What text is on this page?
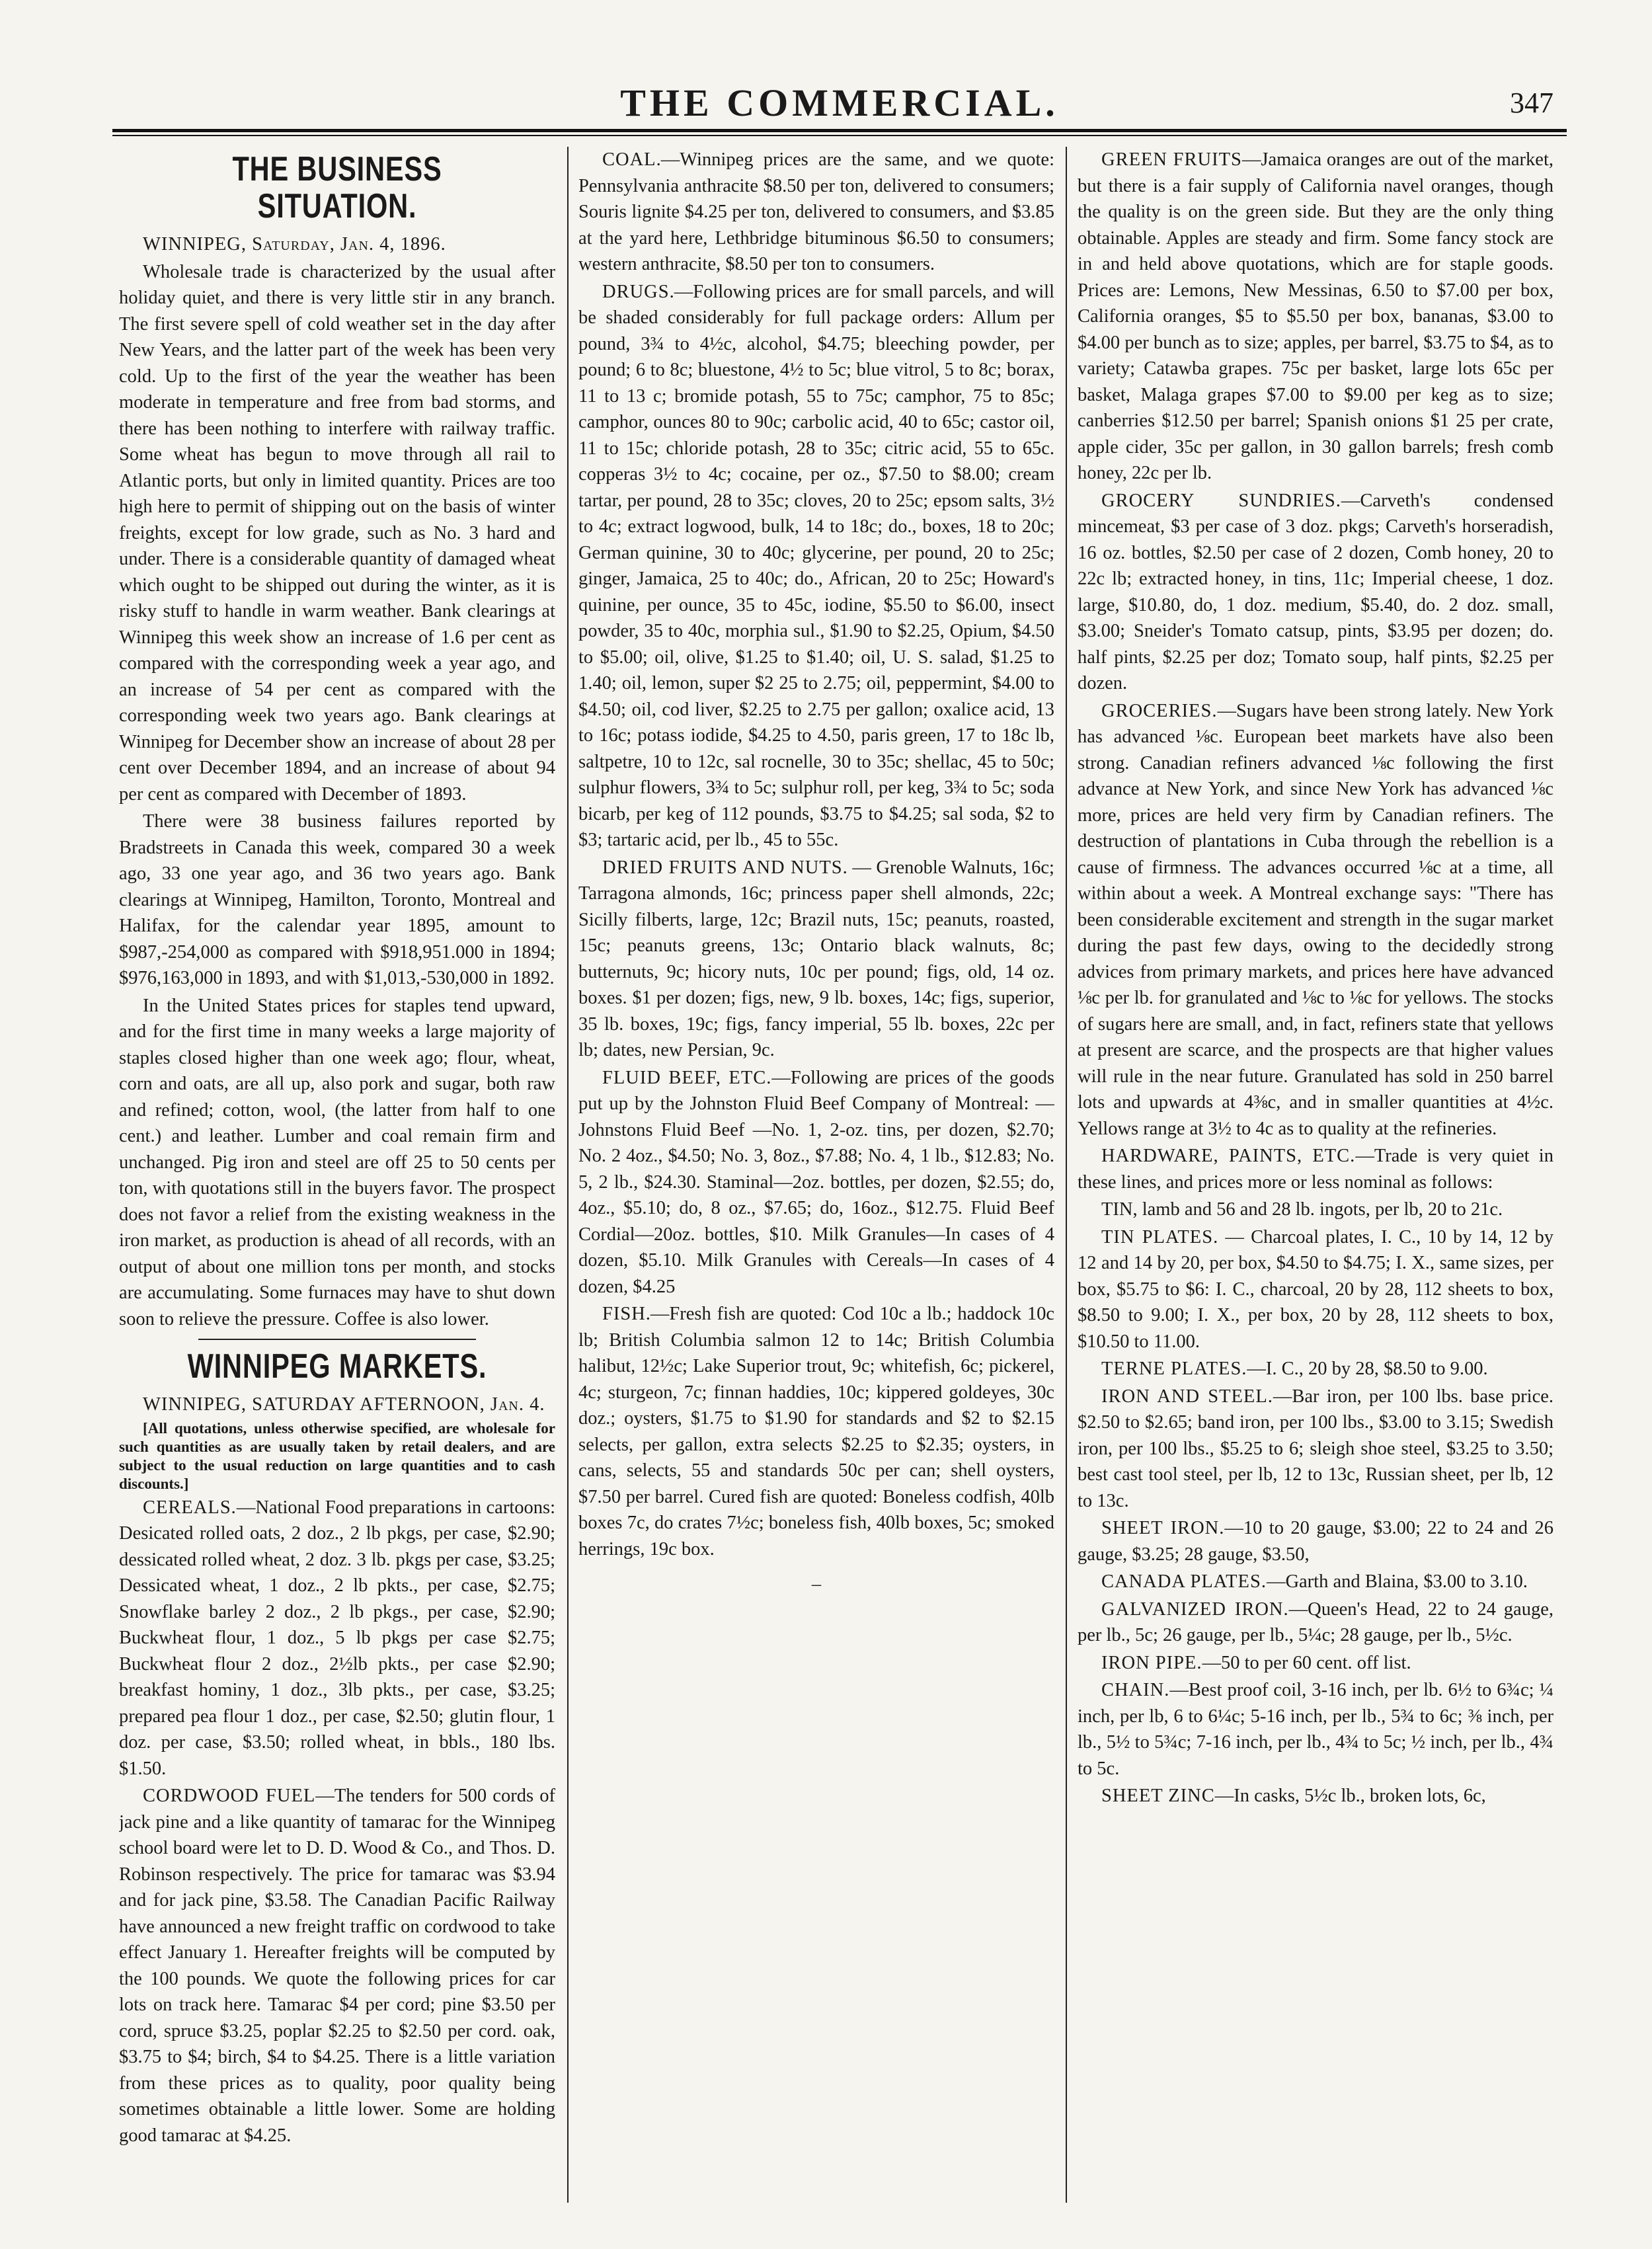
THE COMMERCIAL.	347
THE BUSINESS SITUATION.

WINNIPEG, Saturday, Jan. 4, 1896.

Wholesale trade is characterized by the usual after holiday quiet, and there is very little stir in any branch. The first severe spell of cold weather set in the day after New Years, and the latter part of the week has been very cold. Up to the first of the year the weather has been moderate in temperature and free from bad storms, and there has been nothing to interfere with railway traffic. Some wheat has begun to move through all rail to Atlantic ports, but only in limited quantity. Prices are too high here to permit of shipping out on the basis of winter freights, except for low grade, such as No. 3 hard and under. There is a considerable quantity of damaged wheat which ought to be shipped out during the winter, as it is risky stuff to handle in warm weather. Bank clearings at Winnipeg this week show an increase of 1.6 per cent as compared with the corresponding week a year ago, and an increase of 54 per cent as compared with the corresponding week two years ago. Bank clearings at Winnipeg for December show an increase of about 28 per cent over December 1894, and an increase of about 94 per cent as compared with December of 1893.

There were 38 business failures reported by Bradstreets in Canada this week, compared 30 a week ago, 33 one year ago, and 36 two years ago. Bank clearings at Winnipeg, Hamilton, Toronto, Montreal and Halifax, for the calendar year 1895, amount to $987,-254,000 as compared with $918,951.000 in 1894; $976,163,000 in 1893, and with $1,013,-530,000 in 1892.

In the United States prices for staples tend upward, and for the first time in many weeks a large majority of staples closed higher than one week ago; flour, wheat, corn and oats, are all up, also pork and sugar, both raw and refined; cotton, wool, (the latter from half to one cent.) and leather. Lumber and coal remain firm and unchanged. Pig iron and steel are off 25 to 50 cents per ton, with quotations still in the buyers favor. The prospect does not favor a relief from the existing weakness in the iron market, as production is ahead of all records, with an output of about one million tons per month, and stocks are accumulating. Some furnaces may have to shut down soon to relieve the pressure. Coffee is also lower.

WINNIPEG MARKETS.

WINNIPEG, SATURDAY AFTERNOON, Jan. 4.

[All quotations, unless otherwise specified, are wholesale for such quantities as are usually taken by retail dealers, and are subject to the usual reduction on large quantities and to cash discounts.]

CEREALS.—National Food preparations in cartoons: Desicated rolled oats, 2 doz., 2 lb pkgs, per case, $2.90; dessicated rolled wheat, 2 doz. 3 lb. pkgs per case, $3.25; Dessicated wheat, 1 doz., 2 lb pkts., per case, $2.75; Snowflake barley 2 doz., 2 lb pkgs., per case, $2.90; Buckwheat flour, 1 doz., 5 lb pkgs per case $2.75; Buckwheat flour 2 doz., 2½lb pkts., per case $2.90; breakfast hominy, 1 doz., 3lb pkts., per case, $3.25; prepared pea flour 1 doz., per case, $2.50; glutin flour, 1 doz. per case, $3.50; rolled wheat, in bbls., 180 lbs. $1.50.

CORDWOOD FUEL—The tenders for 500 cords of jack pine and a like quantity of tamarac for the Winnipeg school board were let to D. D. Wood & Co., and Thos. D. Robinson respectively. The price for tamarac was $3.94 and for jack pine, $3.58. The Canadian Pacific Railway have announced a new freight traffic on cordwood to take effect January 1. Hereafter freights will be computed by the 100 pounds. We quote the following prices for car lots on track here. Tamarac $4 per cord; pine $3.50 per cord, spruce $3.25, poplar $2.25 to $2.50 per cord. oak, $3.75 to $4; birch, $4 to $4.25. There is a little variation from these prices as to quality, poor quality being sometimes obtainable a little lower. Some are holding good tamarac at $4.25.

COAL.—Winnipeg prices are the same, and we quote: Pennsylvania anthracite $8.50 per ton, delivered to consumers; Souris lignite $4.25 per ton, delivered to consumers, and $3.85 at the yard here, Lethbridge bituminous $6.50 to consumers; western anthracite, $8.50 per ton to consumers.

DRUGS.—Following prices are for small parcels, and will be shaded considerably for full package orders: Allum per pound, 3¾ to 4½c, alcohol, $4.75; bleeching powder, per pound; 6 to 8c; bluestone, 4½ to 5c; blue vitrol, 5 to 8c; borax, 11 to 13 c; bromide potash, 55 to 75c; camphor, 75 to 85c; camphor, ounces 80 to 90c; carbolic acid, 40 to 65c; castor oil, 11 to 15c; chloride potash, 28 to 35c; citric acid, 55 to 65c. copperas 3½ to 4c; cocaine, per oz., $7.50 to $8.00; cream tartar, per pound, 28 to 35c; cloves, 20 to 25c; epsom salts, 3½ to 4c; extract logwood, bulk, 14 to 18c; do., boxes, 18 to 20c; German quinine, 30 to 40c; glycerine, per pound, 20 to 25c; ginger, Jamaica, 25 to 40c; do., African, 20 to 25c; Howard's quinine, per ounce, 35 to 45c, iodine, $5.50 to $6.00, insect powder, 35 to 40c, morphia sul., $1.90 to $2.25, Opium, $4.50 to $5.00; oil, olive, $1.25 to $1.40; oil, U. S. salad, $1.25 to 1.40; oil, lemon, super $2 25 to 2.75; oil, peppermint, $4.00 to $4.50; oil, cod liver, $2.25 to 2.75 per gallon; oxalice acid, 13 to 16c; potass iodide, $4.25 to 4.50, paris green, 17 to 18c lb, saltpetre, 10 to 12c, sal rocnelle, 30 to 35c; shellac, 45 to 50c; sulphur flowers, 3¾ to 5c; sulphur roll, per keg, 3¾ to 5c; soda bicarb, per keg of 112 pounds, $3.75 to $4.25; sal soda, $2 to $3; tartaric acid, per lb., 45 to 55c.

DRIED FRUITS AND NUTS. — Grenoble Walnuts, 16c; Tarragona almonds, 16c; princess paper shell almonds, 22c; Sicilly filberts, large, 12c; Brazil nuts, 15c; peanuts, roasted, 15c; peanuts greens, 13c; Ontario black walnuts, 8c; butternuts, 9c; hicory nuts, 10c per pound; figs, old, 14 oz. boxes. $1 per dozen; figs, new, 9 lb. boxes, 14c; figs, superior, 35 lb. boxes, 19c; figs, fancy imperial, 55 lb. boxes, 22c per lb; dates, new Persian, 9c.

FLUID BEEF, ETC.—Following are prices of the goods put up by the Johnston Fluid Beef Company of Montreal: —Johnstons Fluid Beef —No. 1, 2-oz. tins, per dozen, $2.70; No. 2 4oz., $4.50; No. 3, 8oz., $7.88; No. 4, 1 lb., $12.83; No. 5, 2 lb., $24.30. Staminal—2oz. bottles, per dozen, $2.55; do, 4oz., $5.10; do, 8 oz., $7.65; do, 16oz., $12.75. Fluid Beef Cordial—20oz. bottles, $10. Milk Granules—In cases of 4 dozen, $5.10. Milk Granules with Cereals—In cases of 4 dozen, $4.25

FISH.—Fresh fish are quoted: Cod 10c a lb.; haddock 10c lb; British Columbia salmon 12 to 14c; British Columbia halibut, 12½c; Lake Superior trout, 9c; whitefish, 6c; pickerel, 4c; sturgeon, 7c; finnan haddies, 10c; kippered goldeyes, 30c doz.; oysters, $1.75 to $1.90 for standards and $2 to $2.15 selects, per gallon, extra selects $2.25 to $2.35; oysters, in cans, selects, 55 and standards 50c per can; shell oysters, $7.50 per barrel. Cured fish are quoted: Boneless codfish, 40lb boxes 7c, do crates 7½c; boneless fish, 40lb boxes, 5c; smoked herrings, 19c box.

–

GREEN FRUITS—Jamaica oranges are out of the market, but there is a fair supply of California navel oranges, though the quality is on the green side. But they are the only thing obtainable. Apples are steady and firm. Some fancy stock are in and held above quotations, which are for staple goods. Prices are: Lemons, New Messinas, 6.50 to $7.00 per box, California oranges, $5 to $5.50 per box, bananas, $3.00 to $4.00 per bunch as to size; apples, per barrel, $3.75 to $4, as to variety; Catawba grapes. 75c per basket, large lots 65c per basket, Malaga grapes $7.00 to $9.00 per keg as to size; canberries $12.50 per barrel; Spanish onions $1 25 per crate, apple cider, 35c per gallon, in 30 gallon barrels; fresh comb honey, 22c per lb.

GROCERY SUNDRIES.—Carveth's condensed mincemeat, $3 per case of 3 doz. pkgs; Carveth's horseradish, 16 oz. bottles, $2.50 per case of 2 dozen, Comb honey, 20 to 22c lb; extracted honey, in tins, 11c; Imperial cheese, 1 doz. large, $10.80, do, 1 doz. medium, $5.40, do. 2 doz. small, $3.00; Sneider's Tomato catsup, pints, $3.95 per dozen; do. half pints, $2.25 per doz; Tomato soup, half pints, $2.25 per dozen.

GROCERIES.—Sugars have been strong lately. New York has advanced ⅛c. European beet markets have also been strong. Canadian refiners advanced ⅛c following the first advance at New York, and since New York has advanced ⅛c more, prices are held very firm by Canadian refiners. The destruction of plantations in Cuba through the rebellion is a cause of firmness. The advances occurred ⅛c at a time, all within about a week. A Montreal exchange says: "There has been considerable excitement and strength in the sugar market during the past few days, owing to the decidedly strong advices from primary markets, and prices here have advanced ⅛c per lb. for granulated and ⅛c to ⅛c for yellows. The stocks of sugars here are small, and, in fact, refiners state that yellows at present are scarce, and the prospects are that higher values will rule in the near future. Granulated has sold in 250 barrel lots and upwards at 4⅜c, and in smaller quantities at 4½c. Yellows range at 3½ to 4c as to quality at the refineries.

HARDWARE, PAINTS, ETC.—Trade is very quiet in these lines, and prices more or less nominal as follows:

TIN, lamb and 56 and 28 lb. ingots, per lb, 20 to 21c.

TIN PLATES. — Charcoal plates, I. C., 10 by 14, 12 by 12 and 14 by 20, per box, $4.50 to $4.75; I. X., same sizes, per box, $5.75 to $6: I. C., charcoal, 20 by 28, 112 sheets to box, $8.50 to 9.00; I. X., per box, 20 by 28, 112 sheets to box, $10.50 to 11.00.

TERNE PLATES.—I. C., 20 by 28, $8.50 to 9.00.

IRON AND STEEL.—Bar iron, per 100 lbs. base price. $2.50 to $2.65; band iron, per 100 lbs., $3.00 to 3.15; Swedish iron, per 100 lbs., $5.25 to 6; sleigh shoe steel, $3.25 to 3.50; best cast tool steel, per lb, 12 to 13c, Russian sheet, per lb, 12 to 13c.

SHEET IRON.—10 to 20 gauge, $3.00; 22 to 24 and 26 gauge, $3.25; 28 gauge, $3.50,

CANADA PLATES.—Garth and Blaina, $3.00 to 3.10.

GALVANIZED IRON.—Queen's Head, 22 to 24 gauge, per lb., 5c; 26 gauge, per lb., 5¼c; 28 gauge, per lb., 5½c.

IRON PIPE.—50 to per 60 cent. off list.

CHAIN.—Best proof coil, 3-16 inch, per lb. 6½ to 6¾c; ¼ inch, per lb, 6 to 6¼c; 5-16 inch, per lb., 5¾ to 6c; ⅜ inch, per lb., 5½ to 5¾c; 7-16 inch, per lb., 4¾ to 5c; ½ inch, per lb., 4¾ to 5c.

SHEET ZINC—In casks, 5½c lb., broken lots, 6c,
